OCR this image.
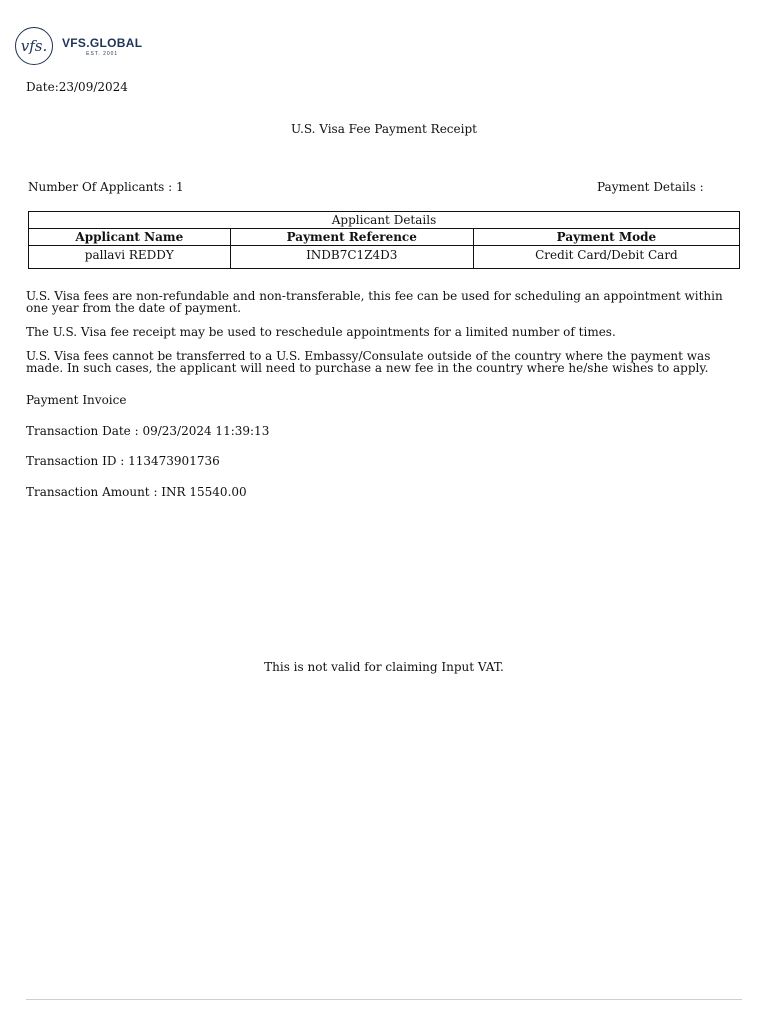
vfs.	VFS.GLOBAL
EST. 2001
Date:23/09/2024
U.S. Visa Fee Payment Receipt
Number Of Applicants : 1	Payment Details :
Applicant Details		
Applicant Name	Payment Reference	Payment Mode
pallavi REDDY	INDB7C1Z4D3	Credit Card/Debit Card
U.S. Visa fees are non-refundable and non-transferable, this fee can be used for scheduling an appointment within one year from the date of payment.
The U.S. Visa fee receipt may be used to reschedule appointments for a limited number of times.
U.S. Visa fees cannot be transferred to a U.S. Embassy/Consulate outside of the country where the payment was made. In such cases, the applicant will need to purchase a new fee in the country where he/she wishes to apply.
Payment Invoice
Transaction Date : 09/23/2024 11:39:13
Transaction ID : 113473901736
Transaction Amount : INR 15540.00
This is not valid for claiming Input VAT.
